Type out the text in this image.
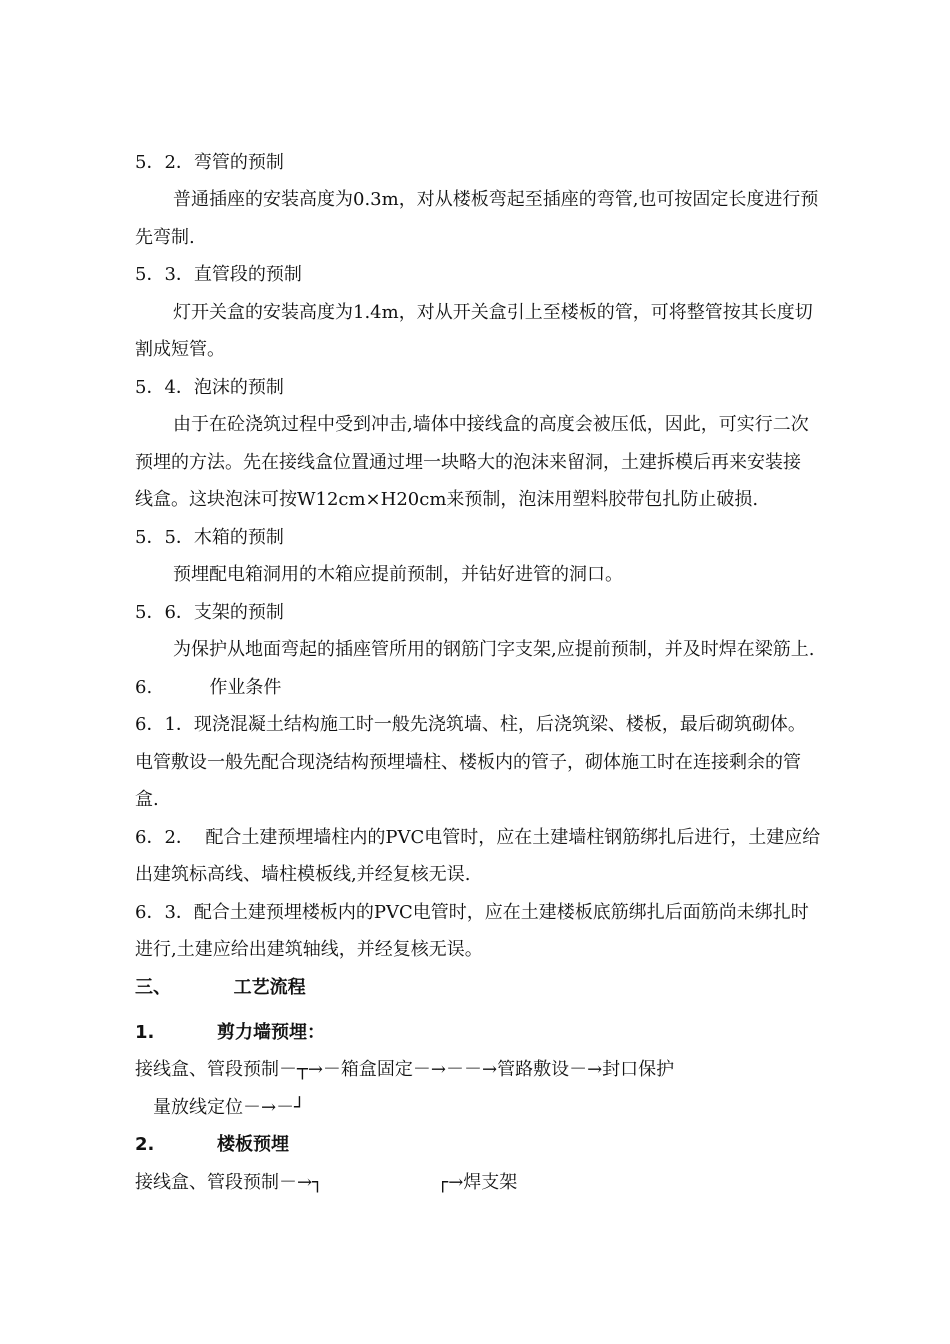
5．2．弯管的预制
普通插座的安装高度为0.3m，对从楼板弯起至插座的弯管,也可按固定长度进行预
先弯制.
5．3．直管段的预制
灯开关盒的安装高度为1.4m，对从开关盒引上至楼板的管，可将整管按其长度切
割成短管。
5．4．泡沫的预制
由于在砼浇筑过程中受到冲击,墙体中接线盒的高度会被压低，因此，可实行二次
预埋的方法。先在接线盒位置通过埋一块略大的泡沫来留洞，土建拆模后再来安装接
线盒。这块泡沫可按W12cm×H20cm来预制，泡沫用塑料胶带包扎防止破损.
5．5．木箱的预制
预埋配电箱洞用的木箱应提前预制，并钻好进管的洞口。
5．6．支架的预制
为保护从地面弯起的插座管所用的钢筋门字支架,应提前预制，并及时焊在梁筋上.
6.          作业条件
6．1．现浇混凝土结构施工时一般先浇筑墙、柱，后浇筑梁、楼板，最后砌筑砌体。
电管敷设一般先配合现浇结构预埋墙柱、楼板内的管子，砌体施工时在连接剩余的管
盒.
6．2．  配合土建预埋墙柱内的PVC电管时，应在土建墙柱钢筋绑扎后进行，土建应给
出建筑标高线、墙柱模板线,并经复核无误.
6．3．配合土建预埋楼板内的PVC电管时，应在土建楼板底筋绑扎后面筋尚未绑扎时
进行,土建应给出建筑轴线，并经复核无误。
三、          工艺流程
1.          剪力墙预埋：
接线盒、管段预制－┬→－箱盒固定－→－－→管路敷设－→封口保护
量放线定位－→－┘
2.          楼板预埋
接线盒、管段预制－→┐                    ┌→焊支架
